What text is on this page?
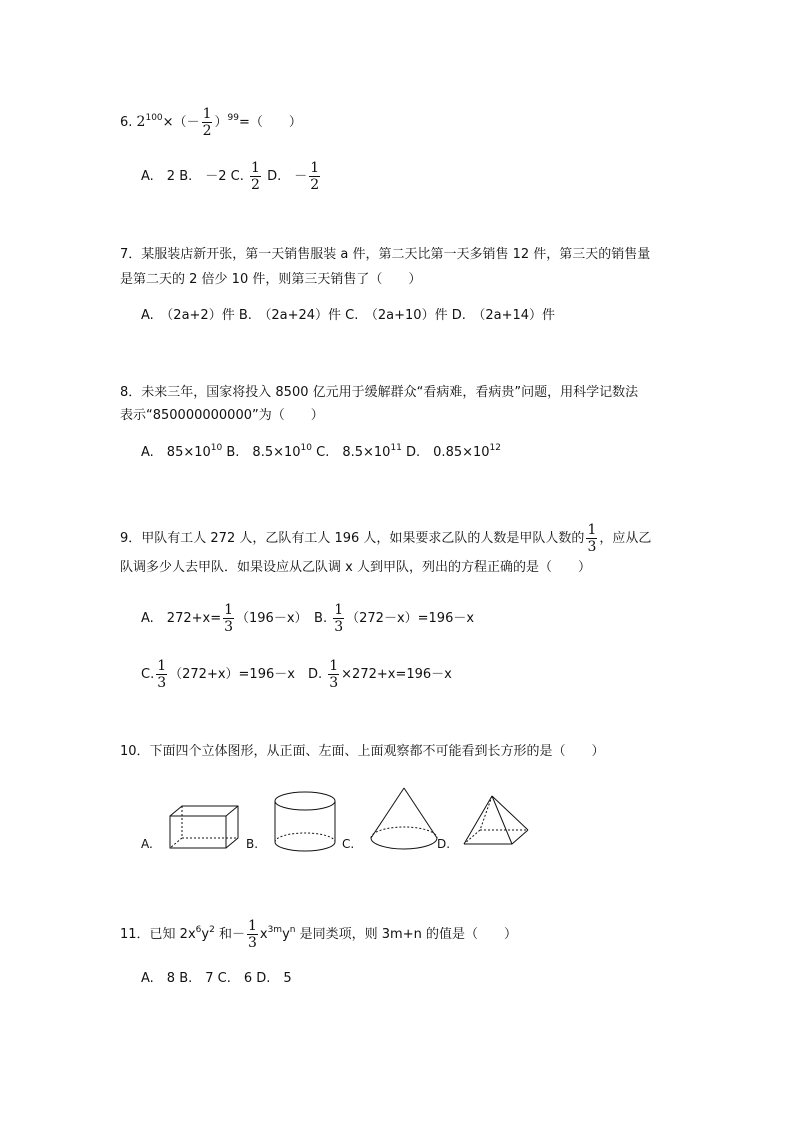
6. $2^{100}\times(- \frac{1}{2} )^{99}=$（　　）
A.　2 B.　－2 C. $\frac{1}{2} D$.　－ $\frac{1}{2}$
7．某服装店新开张，第一天销售服装 a 件，第二天比第一天多销售 12 件，第三天的销售量
是第二天的 2 倍少 10 件，则第三天销售了（　　）
A.　（2a+2）件 B.　（2a+24）件 C.　（2a+10）件 D.　（2a+14）件
8．未来三年，国家将投入 8500 亿元用于缓解群众“看病难，看病贵”问题，用科学记数法
表示“850000000000”为（　　）
A.　$85\times 10^{10}$ B.　$8.5\times 10^{10}$ C.　$8.5\times 10^{11}$ D.　$0.85\times 10^{12}$
9．甲队有工人 272 人，乙队有工人 196 人，如果要求乙队的人数是甲队人数的 $\frac{1}{3}$ ，应从乙
队调多少人去甲队．如果设应从乙队调 x 人到甲队，列出的方程正确的是（　　）
A.　$272+x= \frac{1}{3} (196-x)$　B. $\frac{1}{3} (272-x)=196-x$
C. $\frac{1}{3} (272+x)=196-x$　D. $\frac{1}{3} \times 272+x=196-x$
10．下面四个立体图形，从正面、左面、上面观察都不可能看到长方形的是（　　）
A.	B.	C.	D.
11．已知 $2x^6y^2$ 和－ $\frac{1}{3} x^{3m}y^n$ 是同类项，则 3m+n 的值是（　　）
A.　8 B.　7 C.　6 D.　5
